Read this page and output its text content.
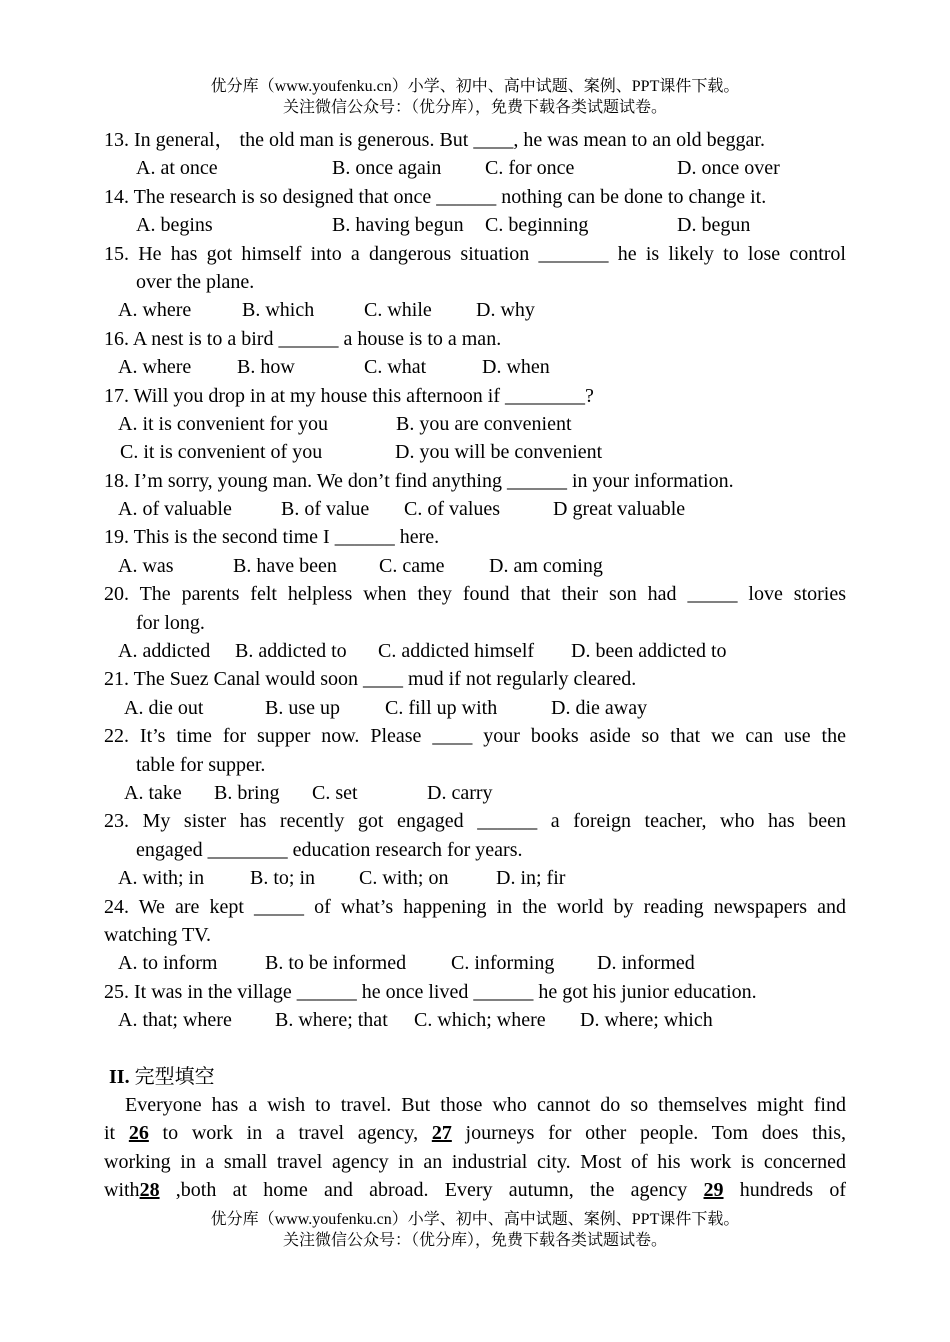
优分库（www.youfenku.cn）小学、初中、高中试题、案例、PPT课件下载。
关注微信公众号：（优分库），免费下载各类试题试卷。
13. In general， the old man is generous. But ____, he was mean to an old beggar.
A. at once	B. once again C. for once	D. once over
14. The research is so designed that once ______ nothing can be done to change it.
A. begins	B. having begun C. beginning	D. begun
15. He has got himself into a dangerous situation _______ he is likely to lose control
over the plane.
A. where	B. which C. while D. why
16. A nest is to a bird ______ a house is to a man.
A. where B. how	C. what	D. when
17. Will you drop in at my house this afternoon if ________?
A. it is convenient for you	B. you are convenient
C. it is convenient of you	D. you will be convenient
18. I’m sorry, young man. We don’t find anything ______ in your information.
A. of valuable B. of value C. of values	D great valuable
19. This is the second time I ______ here.
A. was	B. have been C. came D. am coming
20. The parents felt helpless when they found that their son had _____ love stories
for long.
A. addicted B. addicted to C. addicted himself D. been addicted to
21. The Suez Canal would soon ____ mud if not regularly cleared.
A. die out	B. use up C. fill up with	D. die away
22. It’s time for supper now. Please ____ your books aside so that we can use the
table for supper.
A. take B. bring C. set	D. carry
23. My sister has recently got engaged ______ a foreign teacher, who has been
engaged ________ education research for years.
A. with; in B. to; in C. with; on D. in; fir
24. We are kept _____ of what’s happening in the world by reading newspapers and
watching TV.
A. to inform B. to be informed C. informing D. informed
25. It was in the village ______ he once lived ______ he got his junior education.
A. that; where B. where; that C. which; where D. where; which
II. 完型填空
Everyone has a wish to travel. But those who cannot do so themselves might find
it 26 to work in a travel agency, 27 journeys for other people. Tom does this,
working in a small travel agency in an industrial city. Most of his work is concerned
with28 ,both at home and abroad. Every autumn, the agency 29 hundreds of
优分库（www.youfenku.cn）小学、初中、高中试题、案例、PPT课件下载。
关注微信公众号：（优分库），免费下载各类试题试卷。
